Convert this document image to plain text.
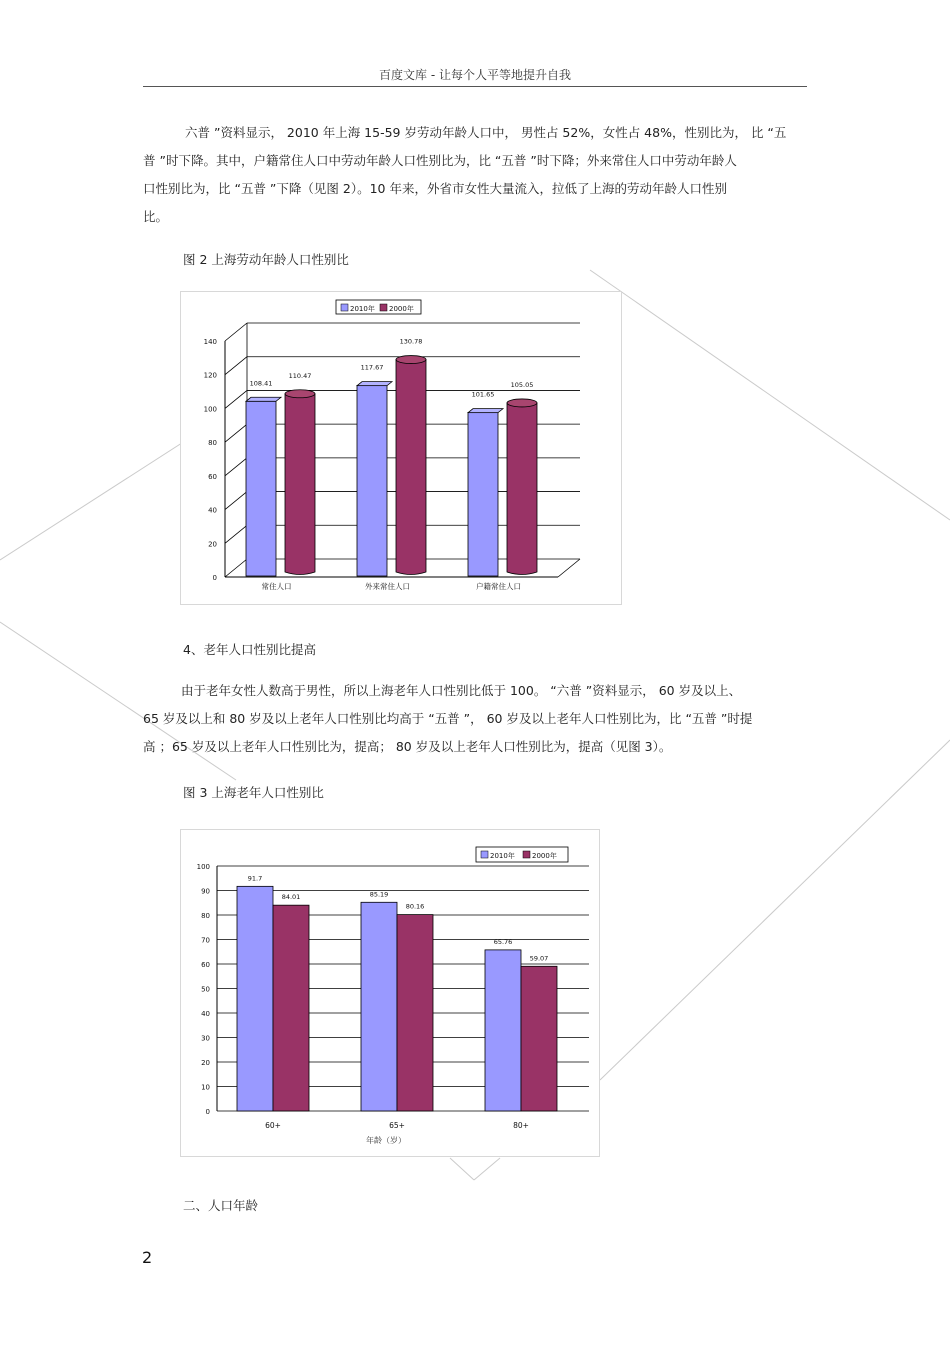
百度文库 - 让每个人平等地提升自我
六普 ”资料显示， 2010 年上海 15-59 岁劳动年龄人口中， 男性占 52%，女性占 48%，性别比为， 比 “五
普 ”时下降。其中，户籍常住人口中劳动年龄人口性别比为，比 “五普 ”时下降；外来常住人口中劳动年龄人
口性别比为，比 “五普 ”下降（见图 2）。10 年来，外省市女性大量流入，拉低了上海的劳动年龄人口性别
比。
图 2 上海劳动年龄人口性别比
2010年 2000年
0
20
40
60
80
100
120
140
108.41
110.47
117.67
130.78
101.65
105.05
常住人口	外来常住人口	户籍常住人口
4、老年人口性别比提高
由于老年女性人数高于男性，所以上海老年人口性别比低于 100。 “六普 ”资料显示， 60 岁及以上、
65 岁及以上和 80 岁及以上老年人口性别比均高于 “五普 ”， 60 岁及以上老年人口性别比为，比 “五普 ”时提
高 ；65 岁及以上老年人口性别比为，提高； 80 岁及以上老年人口性别比为，提高（见图 3）。
图 3 上海老年人口性别比
2010年 2000年
0
10
20
30
40
50
60
70
80
90
100
91.7
84.01	85.19
80.16
65.76
59.07
60+	65+	80+
年龄（岁）
二、人口年龄
2
